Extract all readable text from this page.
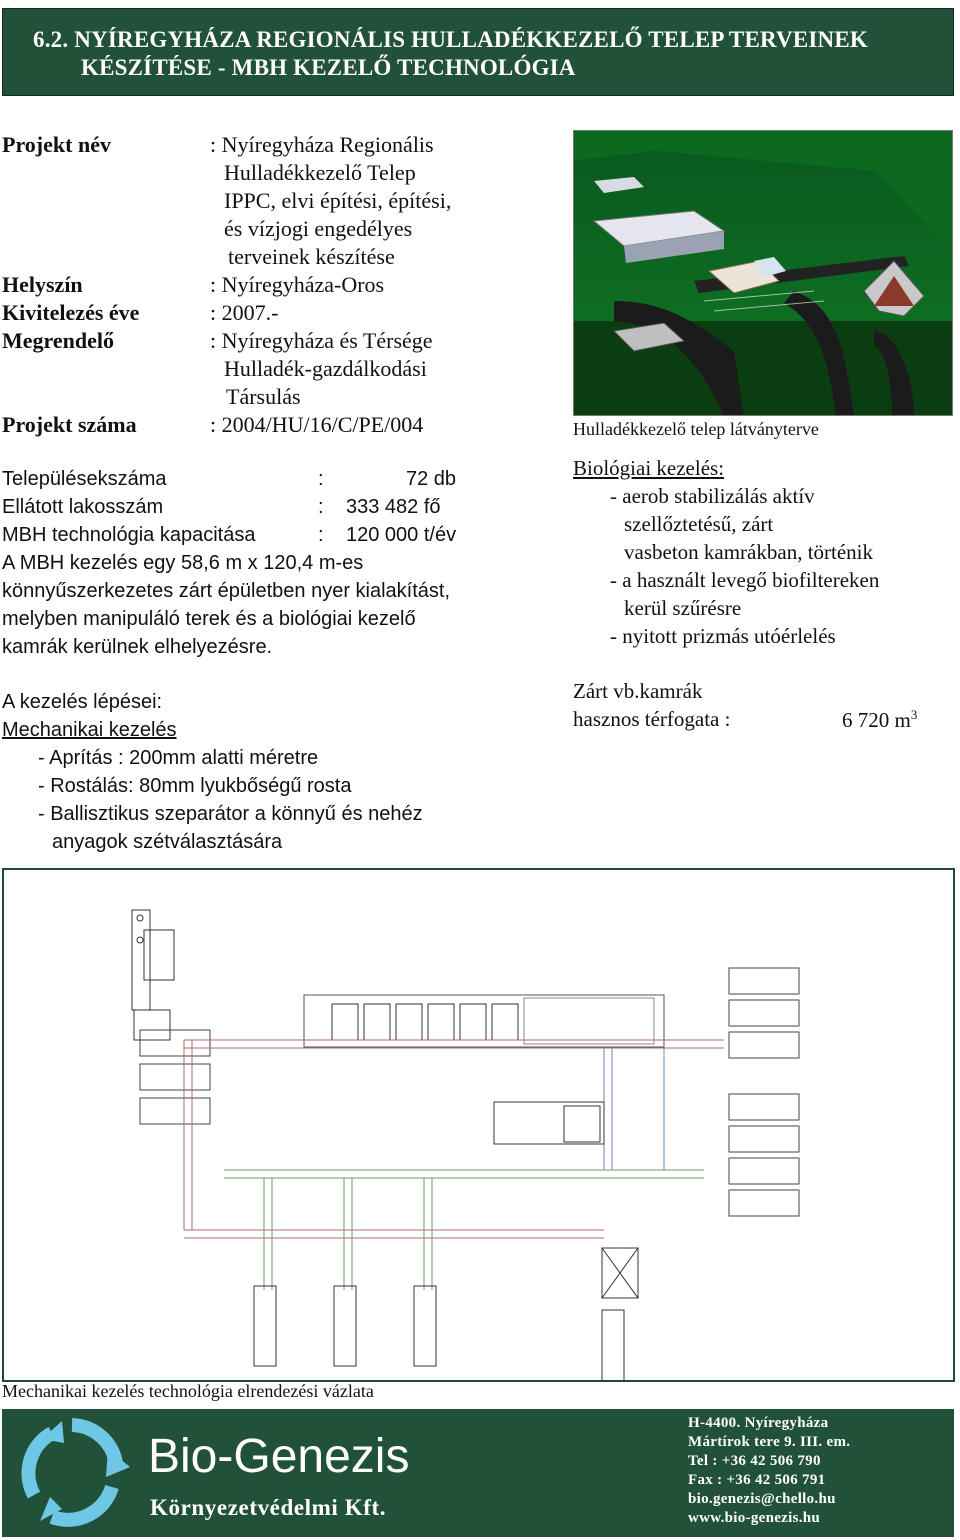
6.2. NYÍREGYHÁZA REGIONÁLIS HULLADÉKKEZELŐ TELEP TERVEINEK
KÉSZÍTÉSE - MBH KEZELŐ TECHNOLÓGIA
Projekt név	: Nyíregyháza Regionális
Hulladékkezelő Telep
IPPC, elvi építési, építési,
és vízjogi engedélyes
terveinek készítése
Helyszín	: Nyíregyháza-Oros
Kivitelezés éve	: 2007.-
Megrendelő	: Nyíregyháza és Térsége
Hulladék-gazdálkodási
Társulás
Projekt száma	: 2004/HU/16/C/PE/004	Hulladékkezelő telep látványterve
Településekszáma	:	72 db
Ellátott lakosszám	: 333 482 fő
MBH technológia kapacitása	: 120 000 t/év
A MBH kezelés egy 58,6 m x 120,4 m-es
könnyűszerkezetes zárt épületben nyer kialakítást,
melyben manipuláló terek és a biológiai kezelő
kamrák kerülnek elhelyezésre.
A kezelés lépései:
Mechanikai kezelés
- Aprítás : 200mm alatti méretre
- Rostálás: 80mm lyukbőségű rosta
- Ballisztikus szeparátor a könnyű és nehéz
anyagok szétválasztására
Biológiai kezelés:
- aerob stabilizálás aktív
szellőztetésű, zárt
vasbeton kamrákban, történik
- a használt levegő biofiltereken
kerül szűrésre
- nyitott prizmás utóérlelés
Zárt vb.kamrák
hasznos térfogata :	6 720 $m^3$
Mechanikai kezelés technológia elrendezési vázlata
Bio-Genezis
Környezetvédelmi Kft.
H-4400. Nyíregyháza
Mártírok tere 9. III. em.
Tel : +36 42 506 790
Fax : +36 42 506 791
bio.genezis@chello.hu
www.bio-genezis.hu
